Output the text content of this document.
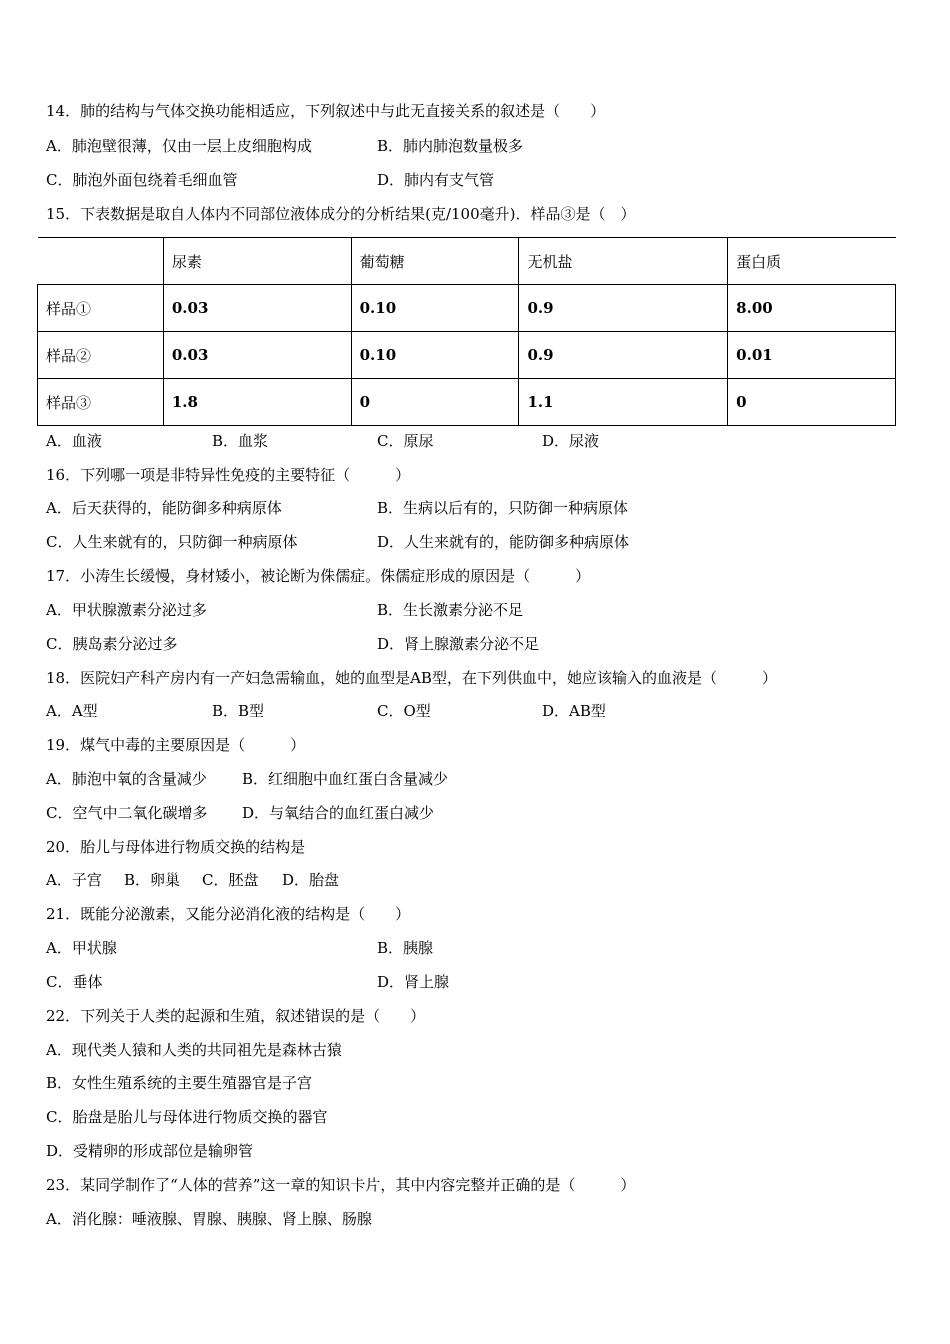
14．肺的结构与气体交换功能相适应，下列叙述中与此无直接关系的叙述是（　　）
A．肺泡壁很薄，仅由一层上皮细胞构成	B．肺内肺泡数量极多
C．肺泡外面包绕着毛细血管	D．肺内有支气管
15．下表数据是取自人体内不同部位液体成分的分析结果(克/100毫升)．样品③是（　）
	尿素	葡萄糖	无机盐	蛋白质
样品①	0.03	0.10	0.9	8.00
样品②	0.03	0.10	0.9	0.01
样品③	1.8	0	1.1	0
A．血液	B．血浆	C．原尿	D．尿液
16．下列哪一项是非特异性免疫的主要特征（　　　）
A．后天获得的，能防御多种病原体	B．生病以后有的，只防御一种病原体
C．人生来就有的，只防御一种病原体	D．人生来就有的，能防御多种病原体
17．小涛生长缓慢，身材矮小，被论断为侏儒症。侏儒症形成的原因是（　　　）
A．甲状腺激素分泌过多	B．生长激素分泌不足
C．胰岛素分泌过多	D．肾上腺激素分泌不足
18．医院妇产科产房内有一产妇急需输血，她的血型是AB型，在下列供血中，她应该输入的血液是（　　　）
A．A型	B．B型	C．O型	D．AB型
19．煤气中毒的主要原因是（　　　）
A．肺泡中氧的含量减少 B．红细胞中血红蛋白含量减少
C．空气中二氧化碳增多 D．与氧结合的血红蛋白减少
20．胎儿与母体进行物质交换的结构是
A．子宫 B．卵巢 C．胚盘 D．胎盘
21．既能分泌激素，又能分泌消化液的结构是（　　）
A．甲状腺	B．胰腺
C．垂体	D．肾上腺
22．下列关于人类的起源和生殖，叙述错误的是（　　）
A．现代类人猿和人类的共同祖先是森林古猿
B．女性生殖系统的主要生殖器官是子宫
C．胎盘是胎儿与母体进行物质交换的器官
D．受精卵的形成部位是输卵管
23．某同学制作了“人体的营养”这一章的知识卡片，其中内容完整并正确的是（　　　）
A．消化腺：唾液腺、胃腺、胰腺、肾上腺、肠腺
